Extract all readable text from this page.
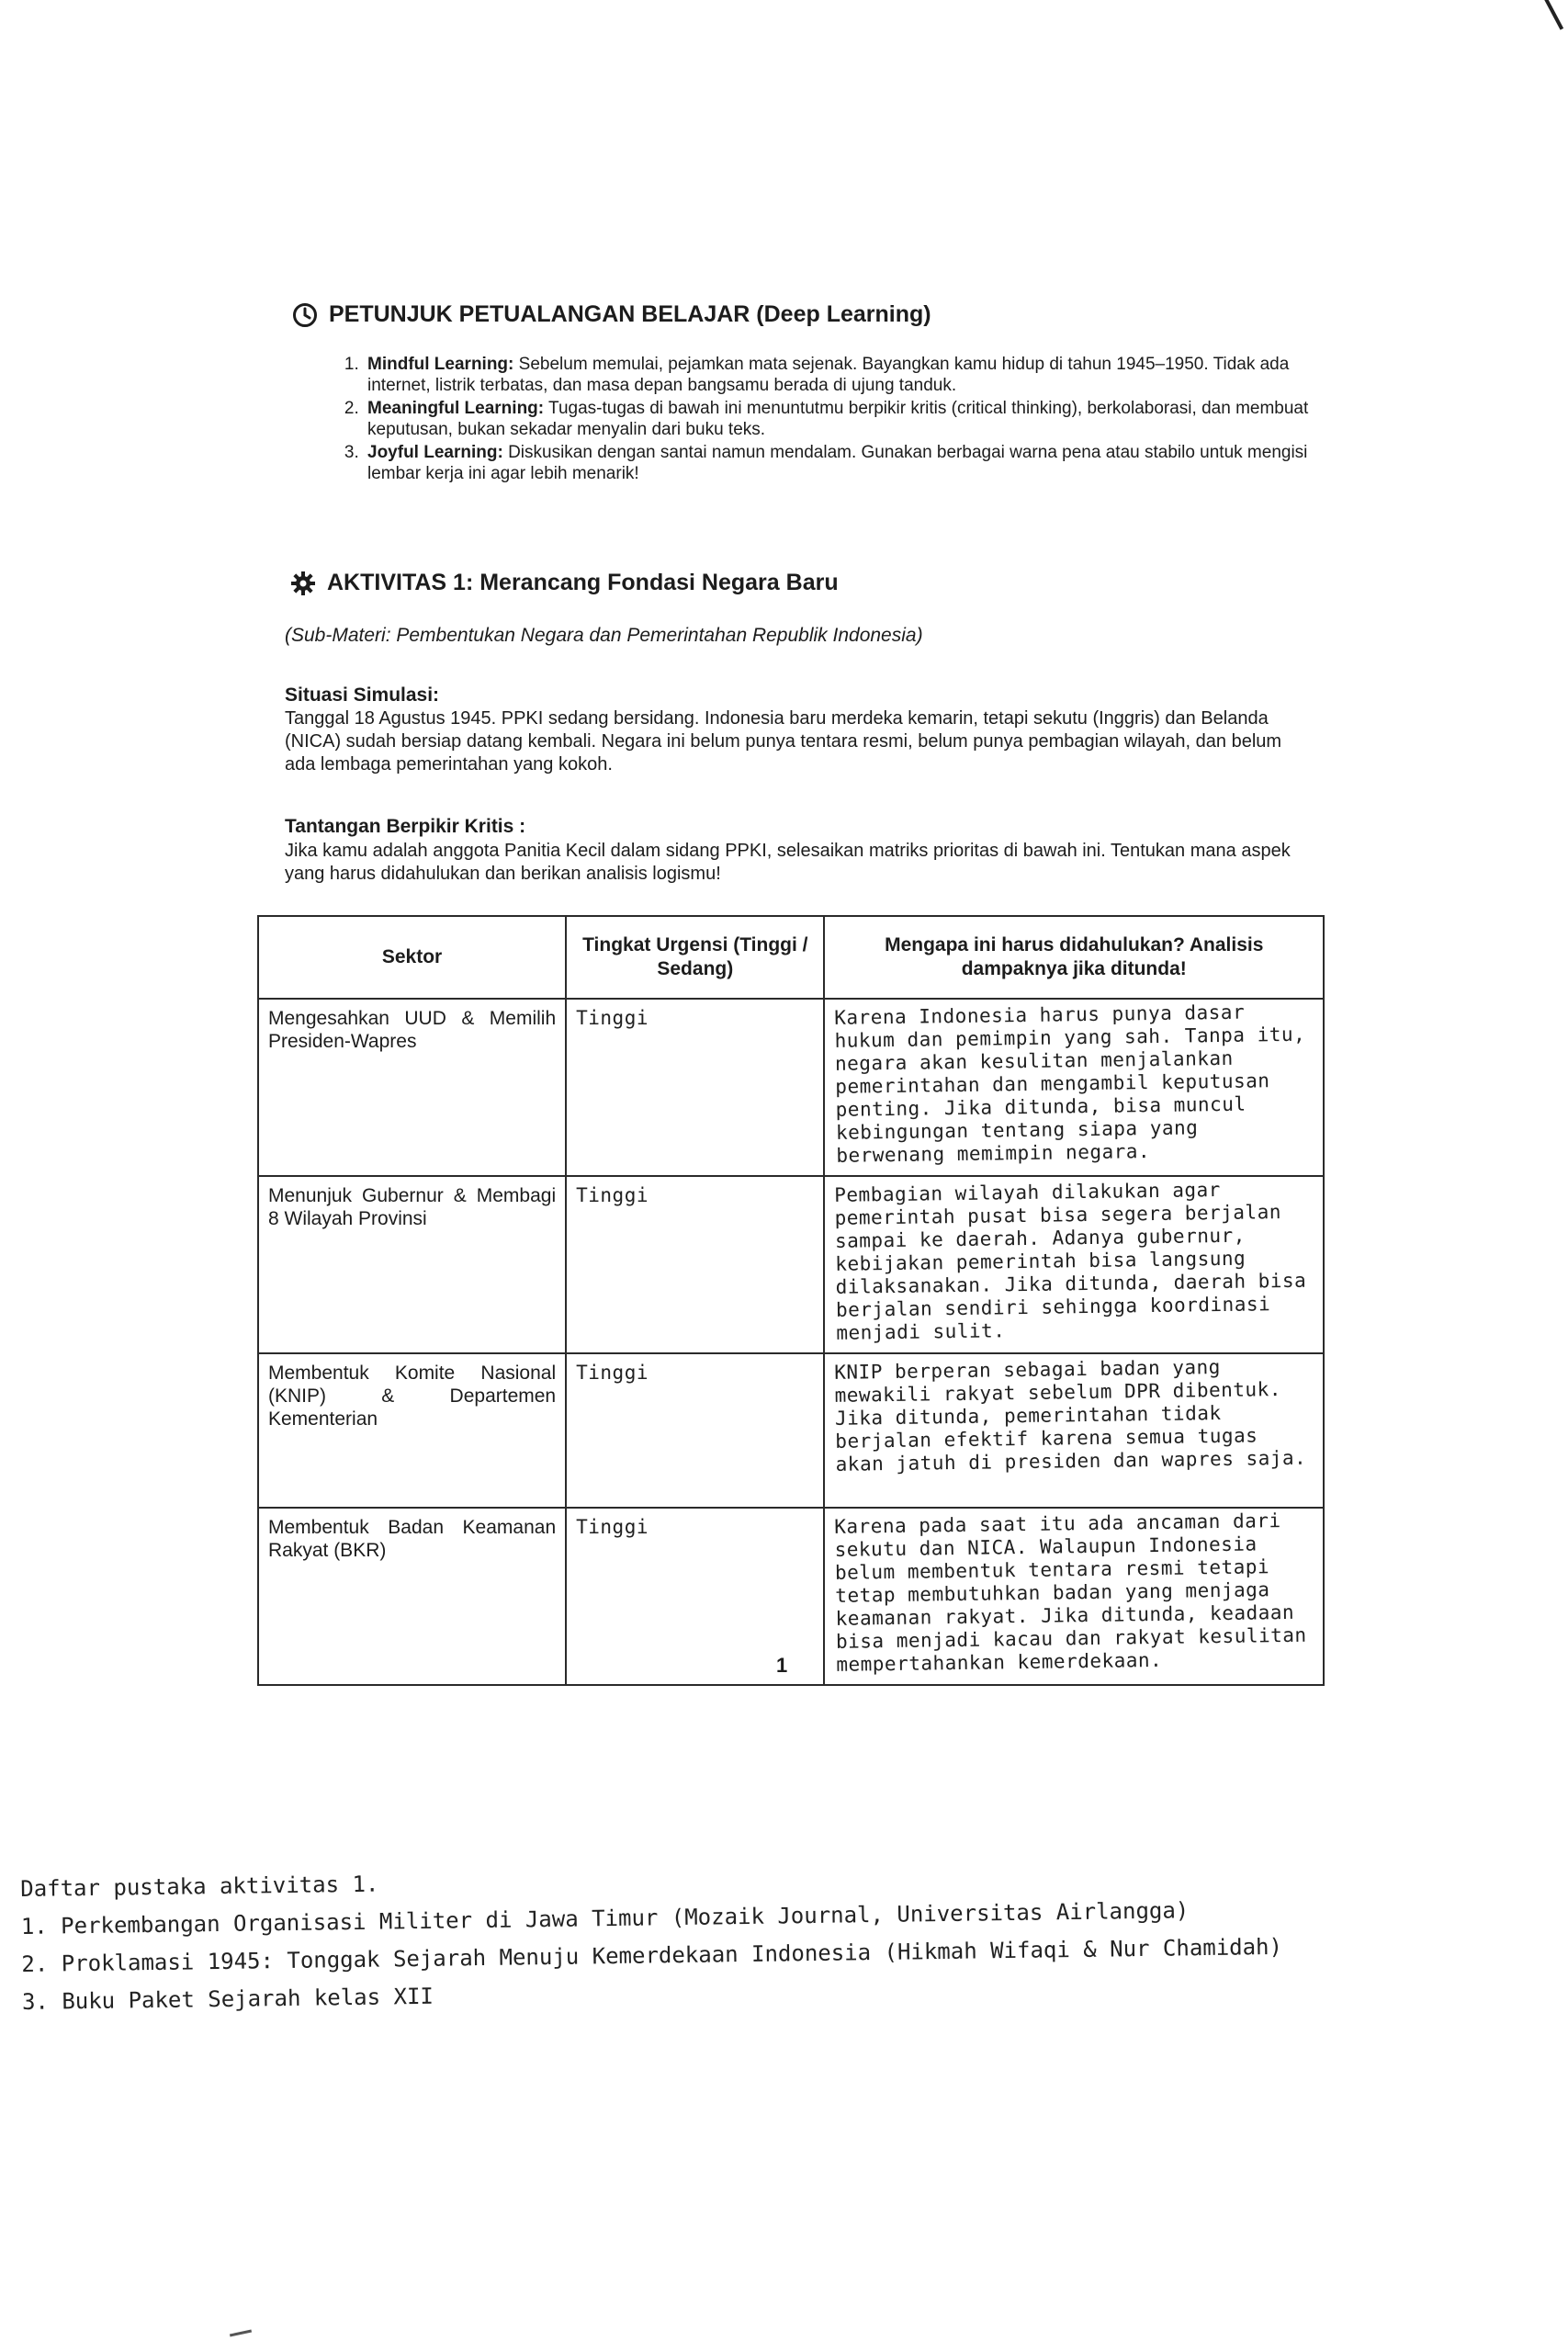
PETUNJUK PETUALANGAN BELAJAR (Deep Learning)
1. Mindful Learning: Sebelum memulai, pejamkan mata sejenak. Bayangkan kamu hidup di tahun 1945–1950. Tidak ada internet, listrik terbatas, dan masa depan bangsamu berada di ujung tanduk.
2. Meaningful Learning: Tugas-tugas di bawah ini menuntutmu berpikir kritis (critical thinking), berkolaborasi, dan membuat keputusan, bukan sekadar menyalin dari buku teks.
3. Joyful Learning: Diskusikan dengan santai namun mendalam. Gunakan berbagai warna pena atau stabilo untuk mengisi lembar kerja ini agar lebih menarik!
AKTIVITAS 1: Merancang Fondasi Negara Baru
(Sub-Materi: Pembentukan Negara dan Pemerintahan Republik Indonesia)
Situasi Simulasi:
Tanggal 18 Agustus 1945. PPKI sedang bersidang. Indonesia baru merdeka kemarin, tetapi sekutu (Inggris) dan Belanda (NICA) sudah bersiap datang kembali. Negara ini belum punya tentara resmi, belum punya pembagian wilayah, dan belum ada lembaga pemerintahan yang kokoh.
Tantangan Berpikir Kritis :
Jika kamu adalah anggota Panitia Kecil dalam sidang PPKI, selesaikan matriks prioritas di bawah ini. Tentukan mana aspek yang harus didahulukan dan berikan analisis logismu!
Sektor	Tingkat Urgensi (Tinggi / Sedang)	Mengapa ini harus didahulukan? Analisis dampaknya jika ditunda!
Mengesahkan UUD & Memilih Presiden-Wapres	Tinggi	Karena Indonesia harus punya dasar hukum dan pemimpin yang sah. Tanpa itu, negara akan kesulitan menjalankan pemerintahan dan mengambil keputusan penting. Jika ditunda, bisa muncul kebingungan tentang siapa yang berwenang memimpin negara.
Menunjuk Gubernur & Membagi 8 Wilayah Provinsi	Tinggi	Pembagian wilayah dilakukan agar pemerintah pusat bisa segera berjalan sampai ke daerah. Adanya gubernur, kebijakan pemerintah bisa langsung dilaksanakan. Jika ditunda, daerah bisa berjalan sendiri sehingga koordinasi menjadi sulit.
Membentuk Komite Nasional (KNIP) & Departemen Kementerian	Tinggi	KNIP berperan sebagai badan yang mewakili rakyat sebelum DPR dibentuk. Jika ditunda, pemerintahan tidak berjalan efektif karena semua tugas akan jatuh di presiden dan wapres saja.
Membentuk Badan Keamanan Rakyat (BKR)	Tinggi	Karena pada saat itu ada ancaman dari sekutu dan NICA. Walaupun Indonesia belum membentuk tentara resmi tetapi tetap membutuhkan badan yang menjaga keamanan rakyat. Jika ditunda, keadaan bisa menjadi kacau dan rakyat kesulitan mempertahankan kemerdekaan.
1
Daftar pustaka aktivitas 1.
1. Perkembangan Organisasi Militer di Jawa Timur (Mozaik Journal, Universitas Airlangga)
2. Proklamasi 1945: Tonggak Sejarah Menuju Kemerdekaan Indonesia (Hikmah Wifaqi & Nur Chamidah)
3. Buku Paket Sejarah kelas XII
